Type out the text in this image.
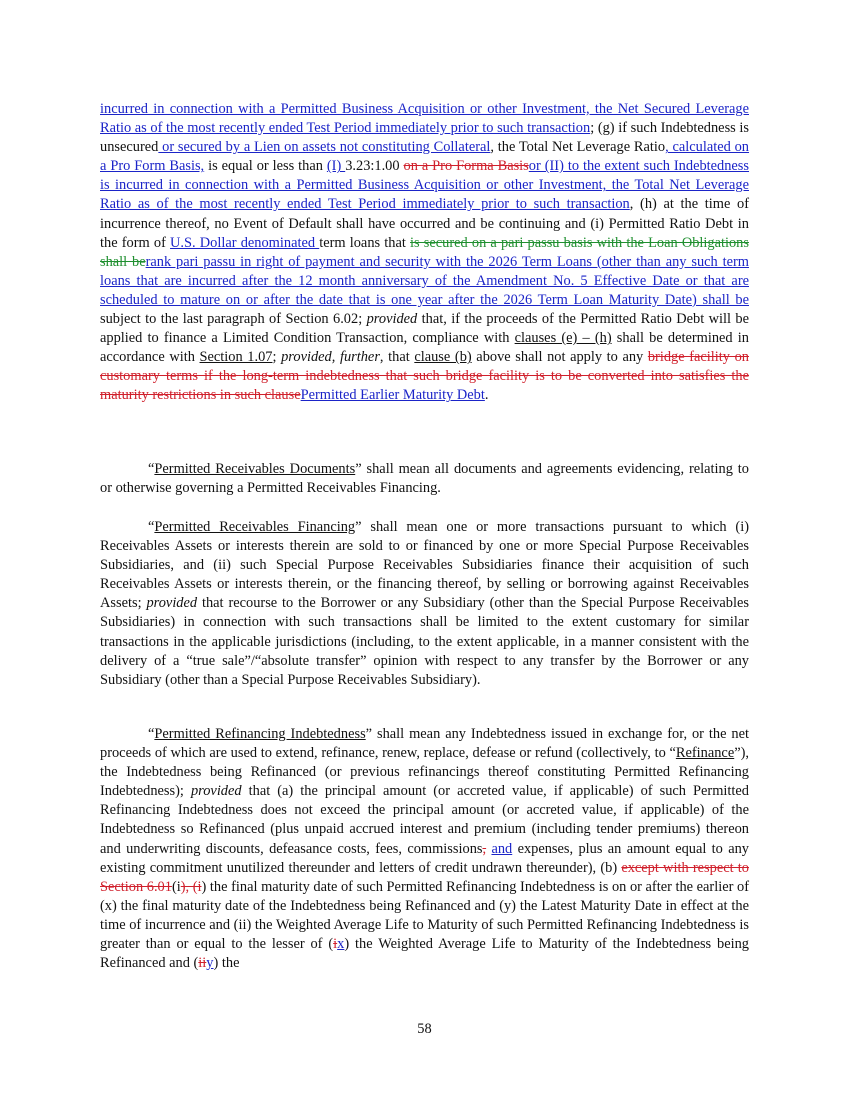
incurred in connection with a Permitted Business Acquisition or other Investment, the Net Secured Leverage Ratio as of the most recently ended Test Period immediately prior to such transaction; (g) if such Indebtedness is unsecured or secured by a Lien on assets not constituting Collateral, the Total Net Leverage Ratio, calculated on a Pro Form Basis, is equal or less than (I) 3.23:1.00 on a Pro Forma Basisor (II) to the extent such Indebtedness is incurred in connection with a Permitted Business Acquisition or other Investment, the Total Net Leverage Ratio as of the most recently ended Test Period immediately prior to such transaction, (h) at the time of incurrence thereof, no Event of Default shall have occurred and be continuing and (i) Permitted Ratio Debt in the form of U.S. Dollar denominated term loans that is secured on a pari passu basis with the Loan Obligations shall berank pari passu in right of payment and security with the 2026 Term Loans (other than any such term loans that are incurred after the 12 month anniversary of the Amendment No. 5 Effective Date or that are scheduled to mature on or after the date that is one year after the 2026 Term Loan Maturity Date) shall be subject to the last paragraph of Section 6.02; provided that, if the proceeds of the Permitted Ratio Debt will be applied to finance a Limited Condition Transaction, compliance with clauses (e) – (h) shall be determined in accordance with Section 1.07; provided, further, that clause (b) above shall not apply to any bridge facility on customary terms if the long-term indebtedness that such bridge facility is to be converted into satisfies the maturity restrictions in such clausePermitted Earlier Maturity Debt.

“Permitted Receivables Documents” shall mean all documents and agreements evidencing, relating to or otherwise governing a Permitted Receivables Financing.

“Permitted Receivables Financing” shall mean one or more transactions pursuant to which (i) Receivables Assets or interests therein are sold to or financed by one or more Special Purpose Receivables Subsidiaries, and (ii) such Special Purpose Receivables Subsidiaries finance their acquisition of such Receivables Assets or interests therein, or the financing thereof, by selling or borrowing against Receivables Assets; provided that recourse to the Borrower or any Subsidiary (other than the Special Purpose Receivables Subsidiaries) in connection with such transactions shall be limited to the extent customary for similar transactions in the applicable jurisdictions (including, to the extent applicable, in a manner consistent with the delivery of a “true sale”/“absolute transfer” opinion with respect to any transfer by the Borrower or any Subsidiary (other than a Special Purpose Receivables Subsidiary).

“Permitted Refinancing Indebtedness” shall mean any Indebtedness issued in exchange for, or the net proceeds of which are used to extend, refinance, renew, replace, defease or refund (collectively, to “Refinance”), the Indebtedness being Refinanced (or previous refinancings thereof constituting Permitted Refinancing Indebtedness); provided that (a) the principal amount (or accreted value, if applicable) of such Permitted Refinancing Indebtedness does not exceed the principal amount (or accreted value, if applicable) of the Indebtedness so Refinanced (plus unpaid accrued interest and premium (including tender premiums) thereon and underwriting discounts, defeasance costs, fees, commissions, and expenses, plus an amount equal to any existing commitment unutilized thereunder and letters of credit undrawn thereunder), (b) except with respect to Section 6.01(i), (i) the final maturity date of such Permitted Refinancing Indebtedness is on or after the earlier of (x) the final maturity date of the Indebtedness being Refinanced and (y) the Latest Maturity Date in effect at the time of incurrence and (ii) the Weighted Average Life to Maturity of such Permitted Refinancing Indebtedness is greater than or equal to the lesser of (ix) the Weighted Average Life to Maturity of the Indebtedness being Refinanced and (iiy) the

58
